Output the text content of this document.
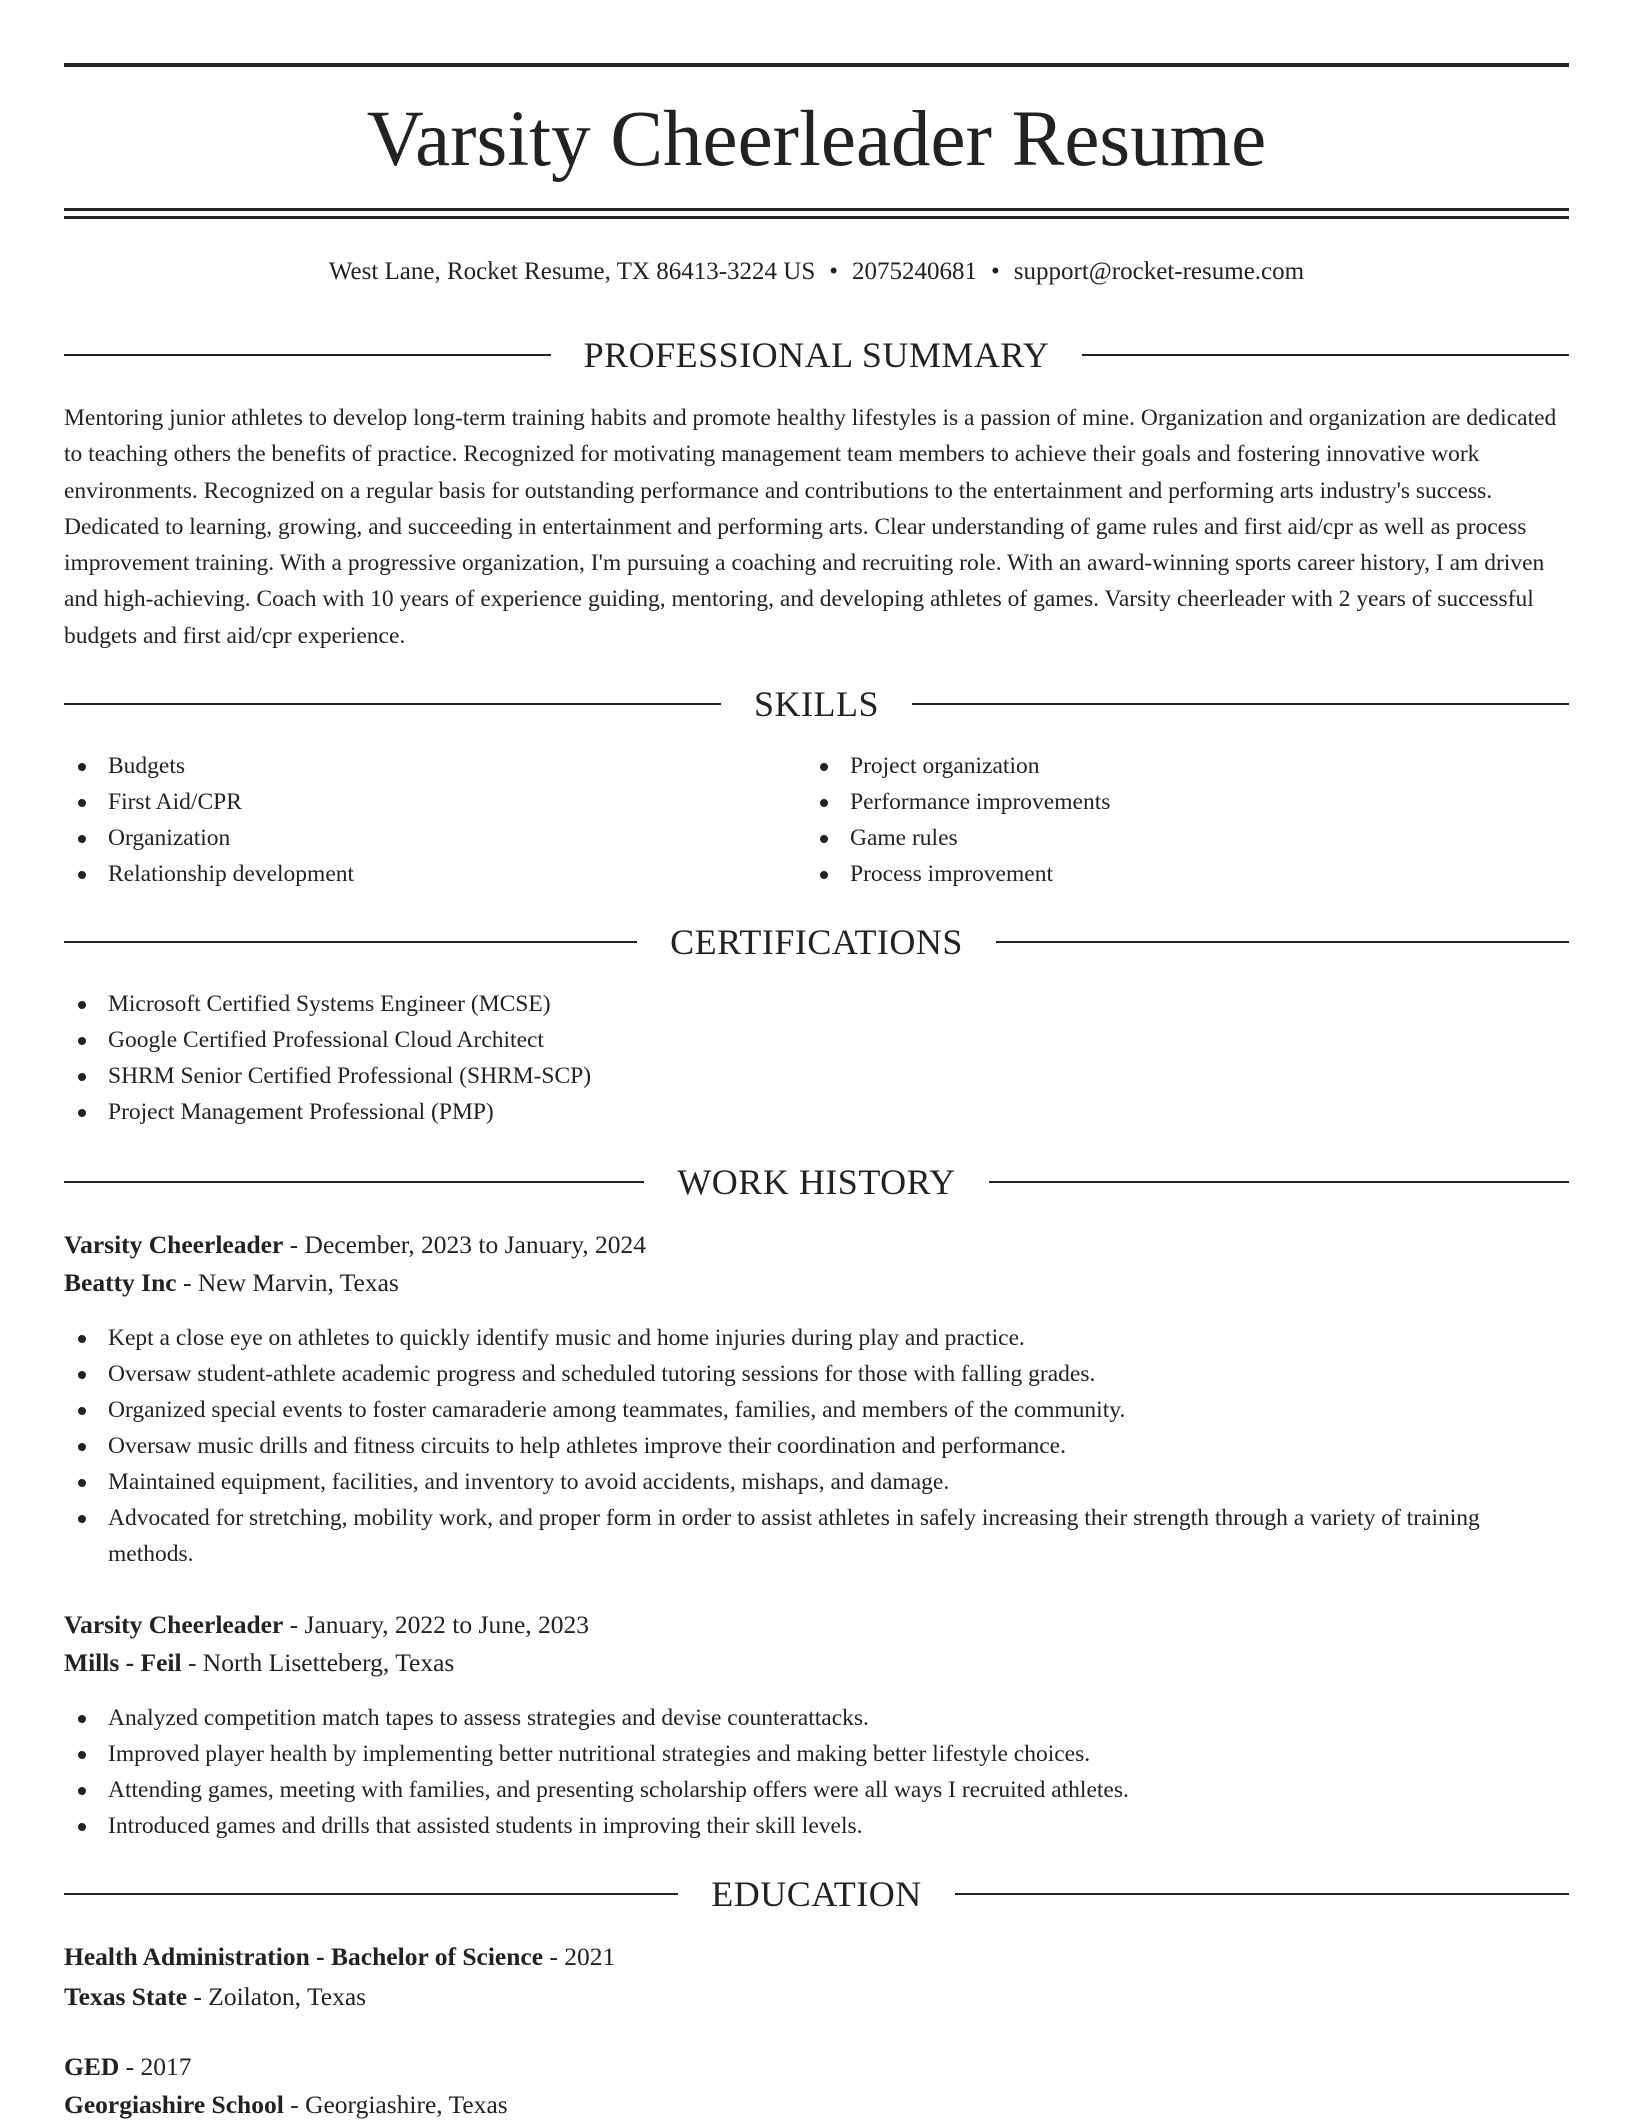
Varsity Cheerleader Resume
West Lane, Rocket Resume, TX 86413-3224 US • 2075240681 • support@rocket-resume.com
PROFESSIONAL SUMMARY
Mentoring junior athletes to develop long-term training habits and promote healthy lifestyles is a passion of mine. Organization and organization are dedicated to teaching others the benefits of practice. Recognized for motivating management team members to achieve their goals and fostering innovative work environments. Recognized on a regular basis for outstanding performance and contributions to the entertainment and performing arts industry's success. Dedicated to learning, growing, and succeeding in entertainment and performing arts. Clear understanding of game rules and first aid/cpr as well as process improvement training. With a progressive organization, I'm pursuing a coaching and recruiting role. With an award-winning sports career history, I am driven and high-achieving. Coach with 10 years of experience guiding, mentoring, and developing athletes of games. Varsity cheerleader with 2 years of successful budgets and first aid/cpr experience.
SKILLS
Budgets
First Aid/CPR
Organization
Relationship development
Project organization
Performance improvements
Game rules
Process improvement
CERTIFICATIONS
Microsoft Certified Systems Engineer (MCSE)
Google Certified Professional Cloud Architect
SHRM Senior Certified Professional (SHRM-SCP)
Project Management Professional (PMP)
WORK HISTORY
Varsity Cheerleader - December, 2023 to January, 2024
Beatty Inc - New Marvin, Texas
Kept a close eye on athletes to quickly identify music and home injuries during play and practice.
Oversaw student-athlete academic progress and scheduled tutoring sessions for those with falling grades.
Organized special events to foster camaraderie among teammates, families, and members of the community.
Oversaw music drills and fitness circuits to help athletes improve their coordination and performance.
Maintained equipment, facilities, and inventory to avoid accidents, mishaps, and damage.
Advocated for stretching, mobility work, and proper form in order to assist athletes in safely increasing their strength through a variety of training methods.
Varsity Cheerleader - January, 2022 to June, 2023
Mills - Feil - North Lisetteberg, Texas
Analyzed competition match tapes to assess strategies and devise counterattacks.
Improved player health by implementing better nutritional strategies and making better lifestyle choices.
Attending games, meeting with families, and presenting scholarship offers were all ways I recruited athletes.
Introduced games and drills that assisted students in improving their skill levels.
EDUCATION
Health Administration - Bachelor of Science - 2021
Texas State - Zoilaton, Texas
GED - 2017
Georgiashire School - Georgiashire, Texas
